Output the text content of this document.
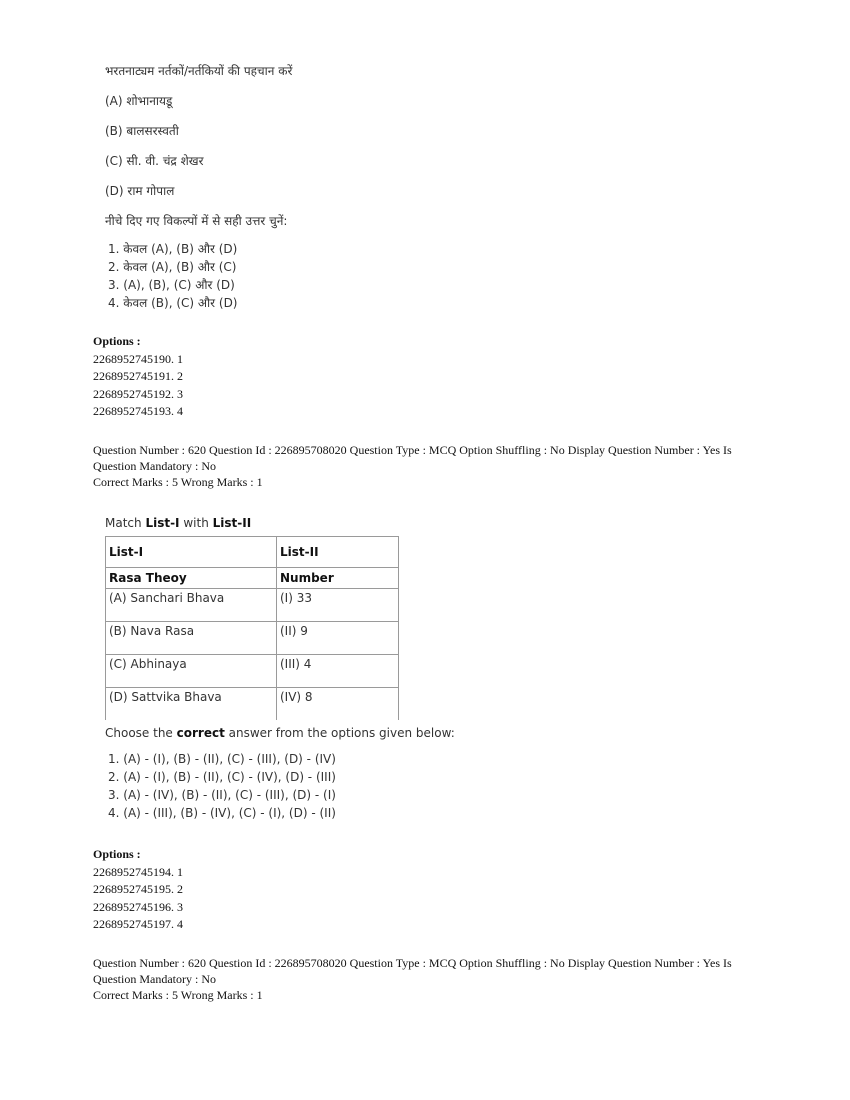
भरतनाट्यम नर्तकों/नर्तकियों की पहचान करें
(A) शोभानायडू
(B) बालसरस्वती
(C) सी. वी. चंद्र शेखर
(D) राम गोपाल
नीचे दिए गए विकल्पों में से सही उत्तर चुनें:
1. केवल (A), (B) और (D)
2. केवल (A), (B) और (C)
3. (A), (B), (C) और (D)
4. केवल (B), (C) और (D)
Options :
2268952745190. 1
2268952745191. 2
2268952745192. 3
2268952745193. 4
Question Number : 620 Question Id : 226895708020 Question Type : MCQ Option Shuffling : No Display Question Number : Yes Is
Question Mandatory : No
Correct Marks : 5 Wrong Marks : 1
Match List-I with List-II
List-I	List-II
Rasa Theoy	Number
(A) Sanchari Bhava	(I) 33
(B) Nava Rasa	(II) 9
(C) Abhinaya	(III) 4
(D) Sattvika Bhava	(IV) 8
Choose the correct answer from the options given below:
1. (A) - (I), (B) - (II), (C) - (III), (D) - (IV)
2. (A) - (I), (B) - (II), (C) - (IV), (D) - (III)
3. (A) - (IV), (B) - (II), (C) - (III), (D) - (I)
4. (A) - (III), (B) - (IV), (C) - (I), (D) - (II)
Options :
2268952745194. 1
2268952745195. 2
2268952745196. 3
2268952745197. 4
Question Number : 620 Question Id : 226895708020 Question Type : MCQ Option Shuffling : No Display Question Number : Yes Is
Question Mandatory : No
Correct Marks : 5 Wrong Marks : 1
